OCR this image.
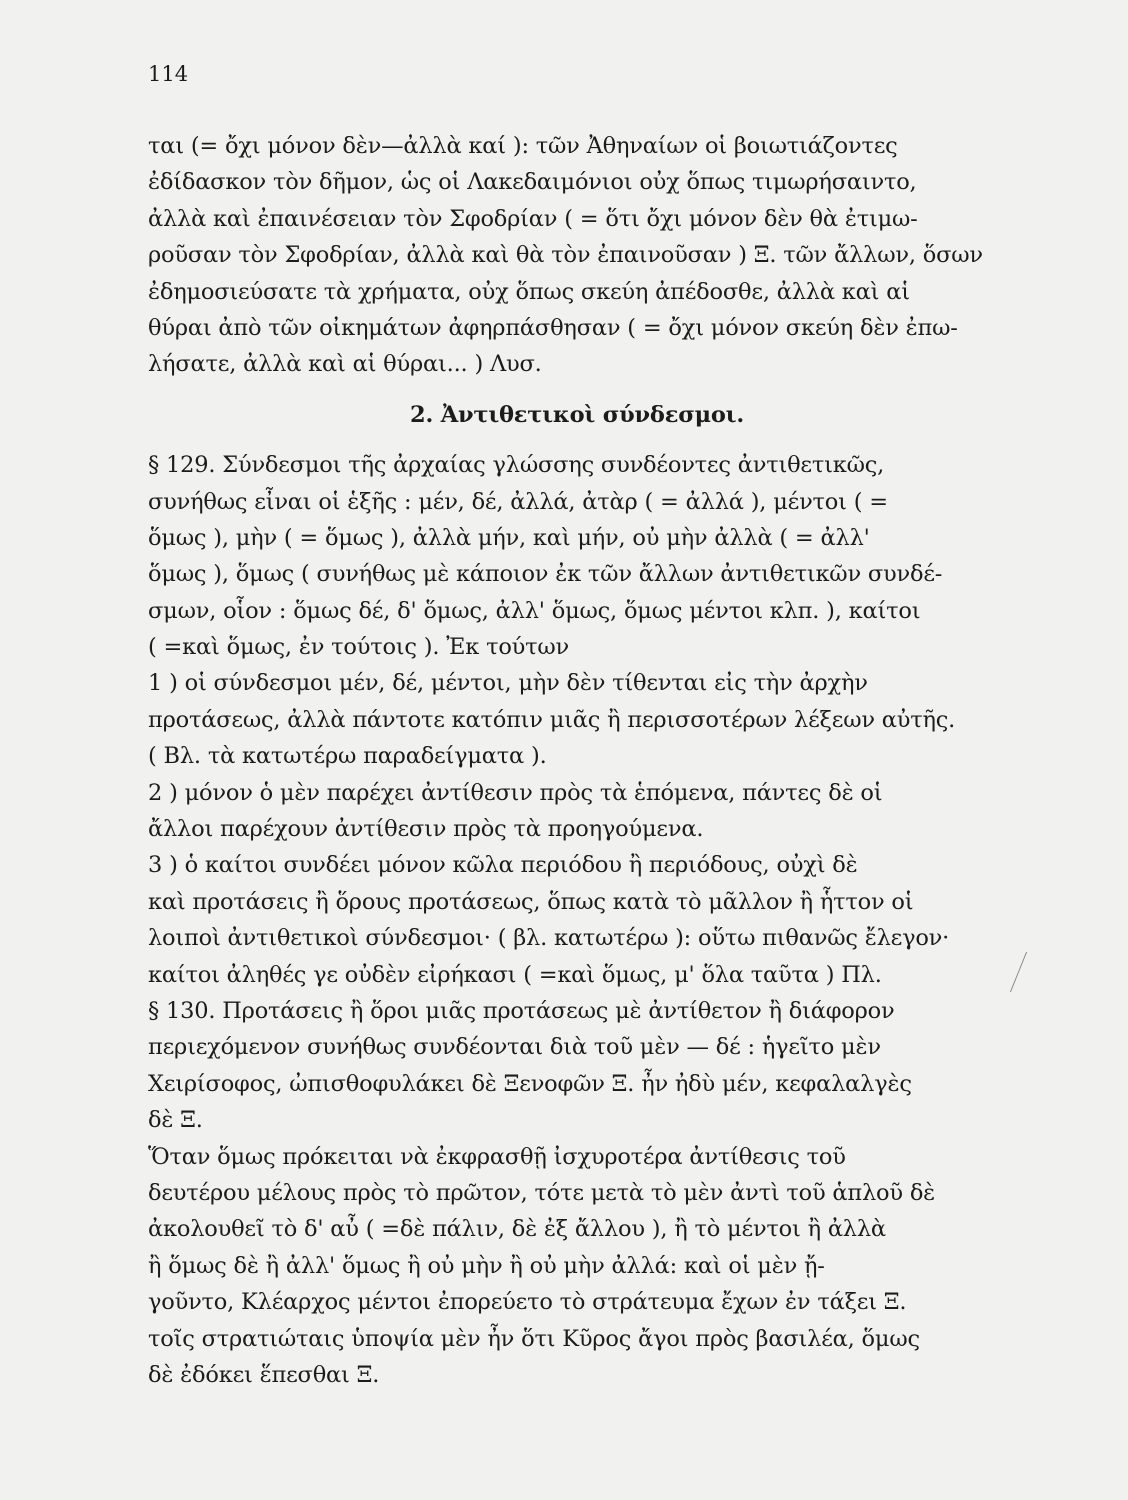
114
ται (= ὄχι μόνον δὲν—ἀλλὰ καί ): τῶν Ἀθηναίων οἱ βοιωτιάζοντες
ἐδίδασκον τὸν δῆμον, ὡς οἱ Λακεδαιμόνιοι οὐχ ὅπως τιμωρήσαιντο,
ἀλλὰ καὶ ἐπαινέσειαν τὸν Σφοδρίαν ( = ὅτι ὄχι μόνον δὲν θὰ ἐτιμω-
ροῦσαν τὸν Σφοδρίαν, ἀλλὰ καὶ θὰ τὸν ἐπαινοῦσαν ) Ξ. τῶν ἄλλων, ὅσων
ἐδημοσιεύσατε τὰ χρήματα, οὐχ ὅπως σκεύη ἀπέδοσθε, ἀλλὰ καὶ αἱ
θύραι ἀπὸ τῶν οἰκημάτων ἀφηρπάσθησαν ( = ὄχι μόνον σκεύη δὲν ἐπω-
λήσατε, ἀλλὰ καὶ αἱ θύραι... ) Λυσ.
2. Ἀντιθετικοὶ σύνδεσμοι.
§ 129. Σύνδεσμοι τῆς ἀρχαίας γλώσσης συνδέοντες ἀντιθετικῶς,
συνήθως εἶναι οἱ ἑξῆς : μέν, δέ, ἀλλά, ἀτὰρ ( = ἀλλά ), μέντοι ( =
ὅμως ), μὴν ( = ὅμως ), ἀλλὰ μήν, καὶ μήν, οὐ μὴν ἀλλὰ ( = ἀλλ'
ὅμως ), ὅμως ( συνήθως μὲ κάποιον ἐκ τῶν ἄλλων ἀντιθετικῶν συνδέ-
σμων, οἷον : ὅμως δέ, δ' ὅμως, ἀλλ' ὅμως, ὅμως μέντοι κλπ. ), καίτοι
( =καὶ ὅμως, ἐν τούτοις ). Ἐκ τούτων
1 ) οἱ σύνδεσμοι μέν, δέ, μέντοι, μὴν δὲν τίθενται εἰς τὴν ἀρχὴν
προτάσεως, ἀλλὰ πάντοτε κατόπιν μιᾶς ἢ περισσοτέρων λέξεων αὐτῆς.
( Βλ. τὰ κατωτέρω παραδείγματα ).
2 ) μόνον ὁ μὲν παρέχει ἀντίθεσιν πρὸς τὰ ἑπόμενα, πάντες δὲ οἱ
ἄλλοι παρέχουν ἀντίθεσιν πρὸς τὰ προηγούμενα.
3 ) ὁ καίτοι συνδέει μόνον κῶλα περιόδου ἢ περιόδους, οὐχὶ δὲ
καὶ προτάσεις ἢ ὅρους προτάσεως, ὅπως κατὰ τὸ μᾶλλον ἢ ἧττον οἱ
λοιποὶ ἀντιθετικοὶ σύνδεσμοι· ( βλ. κατωτέρω ): οὕτω πιθανῶς ἔλεγον·
καίτοι ἀληθές γε οὐδὲν εἰρήκασι ( =καὶ ὅμως, μ' ὅλα ταῦτα ) Πλ.
§ 130. Προτάσεις ἢ ὅροι μιᾶς προτάσεως μὲ ἀντίθετον ἢ διάφορον
περιεχόμενον συνήθως συνδέονται διὰ τοῦ μὲν — δέ : ἡγεῖτο μὲν
Χειρίσοφος, ὠπισθοφυλάκει δὲ Ξενοφῶν Ξ. ἦν ἠδὺ μέν, κεφαλαλγὲς
δὲ Ξ.
Ὅταν ὅμως πρόκειται νὰ ἐκφρασθῇ ἰσχυροτέρα ἀντίθεσις τοῦ
δευτέρου μέλους πρὸς τὸ πρῶτον, τότε μετὰ τὸ μὲν ἀντὶ τοῦ ἁπλοῦ δὲ
ἀκολουθεῖ τὸ δ' αὖ ( =δὲ πάλιν, δὲ ἐξ ἄλλου ), ἢ τὸ μέντοι ἢ ἀλλὰ
ἢ ὅμως δὲ ἢ ἀλλ' ὅμως ἢ οὐ μὴν ἢ οὐ μὴν ἀλλά: καὶ οἱ μὲν ᾔ-
γοῦντο, Κλέαρχος μέντοι ἐπορεύετο τὸ στράτευμα ἔχων ἐν τάξει Ξ.
τοῖς στρατιώταις ὑποψία μὲν ἦν ὅτι Κῦρος ἄγοι πρὸς βασιλέα, ὅμως
δὲ ἐδόκει ἕπεσθαι Ξ.
